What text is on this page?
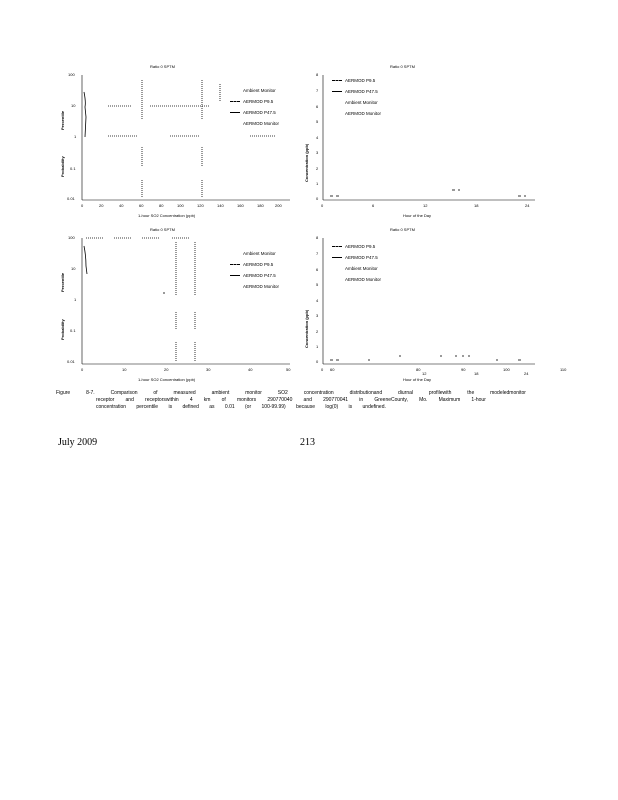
Ratio 0 SPTM
100
10
1
0.1
0.01
Percentile
Probability
0	20	40	60	80	100	120	140	160	180	200
1-hour SO2 Concentration (ppb)
Ambient Monitor
AERMOD P9.5
AERMOD P47.5
AERMOD Monitor
Ratio 0 SPTM
8
7
6
5
4
3
2
1
0
Concentration (ppb)
0	6	12	18	24
Hour of the Day
AERMOD P9.5
AERMOD P47.5
Ambient Monitor
AERMOD Monitor
Ratio 0 SPTM
100
10
1
0.1
0.01
Percentile
Probability
0	10	20	30	40	50
1-hour SO2 Concentration (ppb)
Ambient Monitor
AERMOD P9.5
AERMOD P47.5
AERMOD Monitor
Ratio 0 SPTM
8
7
6
5
4
3
2
1
0
Concentration (ppb)
0 60	80	90	100	110
12	18	24
Hour of the Day
AERMOD P9.5
AERMOD P47.5
Ambient Monitor
AERMOD Monitor
Figure	8-7.	Comparison	of	measured	ambient	monitor	SO2	concentration	distributionand	diurnal	profilewith	the	modeledmonitor
receptor and receptorswithin 4 km of monitors 290770040 and 290770041 in GreeneCounty, Mo. Maximum 1-hour
concentration percentile is defined as 0.01 (or 100-99.99) because log(0) is undefined.
July 2009	213
